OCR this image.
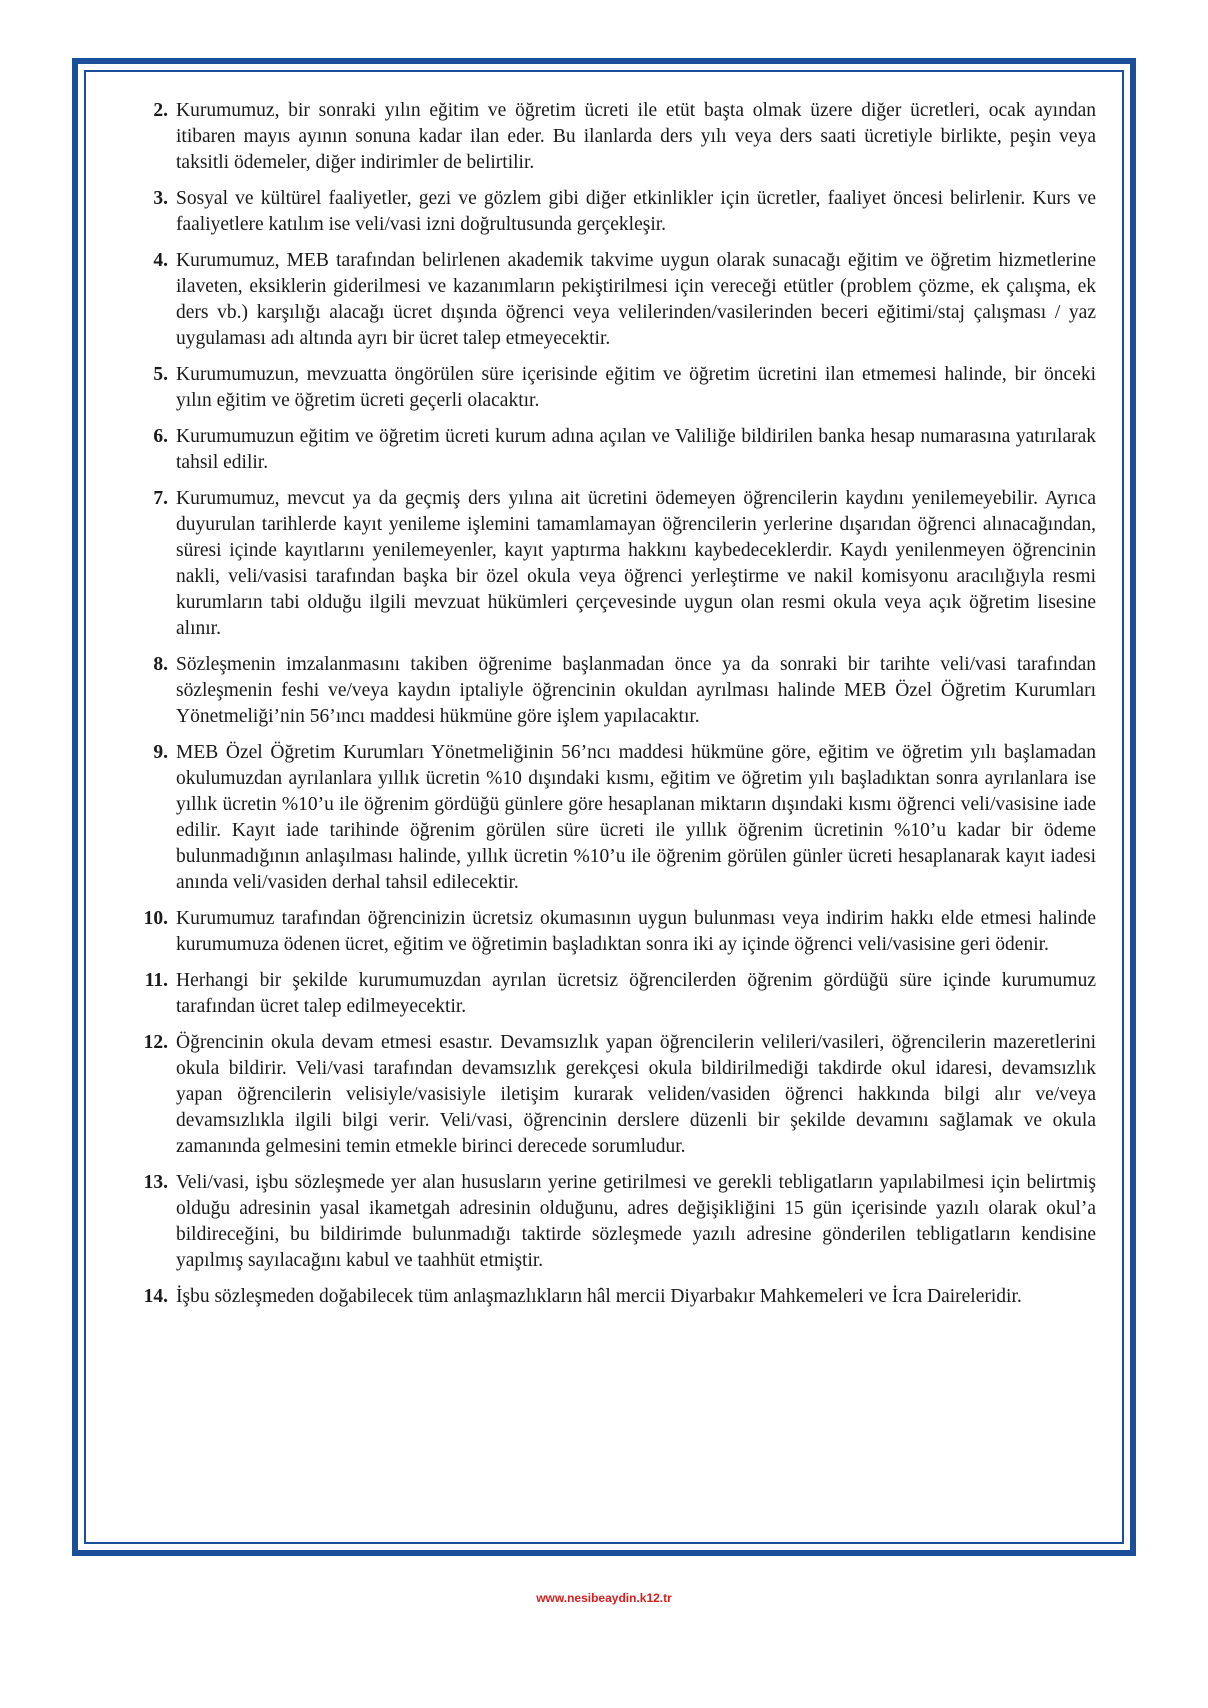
2. Kurumumuz, bir sonraki yılın eğitim ve öğretim ücreti ile etüt başta olmak üzere diğer ücretleri, ocak ayından itibaren mayıs ayının sonuna kadar ilan eder. Bu ilanlarda ders yılı veya ders saati ücretiyle birlikte, peşin veya taksitli ödemeler, diğer indirimler de belirtilir.
3. Sosyal ve kültürel faaliyetler, gezi ve gözlem gibi diğer etkinlikler için ücretler, faaliyet öncesi belirlenir. Kurs ve faaliyetlere katılım ise veli/vasi izni doğrultusunda gerçekleşir.
4. Kurumumuz, MEB tarafından belirlenen akademik takvime uygun olarak sunacağı eğitim ve öğretim hizmetlerine ilaveten, eksiklerin giderilmesi ve kazanımların pekiştirilmesi için vereceği etütler (problem çözme, ek çalışma, ek ders vb.) karşılığı alacağı ücret dışında öğrenci veya velilerinden/vasilerinden beceri eğitimi/staj çalışması / yaz uygulaması adı altında ayrı bir ücret talep etmeyecektir.
5. Kurumumuzun, mevzuatta öngörülen süre içerisinde eğitim ve öğretim ücretini ilan etmemesi halinde, bir önceki yılın eğitim ve öğretim ücreti geçerli olacaktır.
6. Kurumumuzun eğitim ve öğretim ücreti kurum adına açılan ve Valiliğe bildirilen banka hesap numarasına yatırılarak tahsil edilir.
7. Kurumumuz, mevcut ya da geçmiş ders yılına ait ücretini ödemeyen öğrencilerin kaydını yenilemeyebilir. Ayrıca duyurulan tarihlerde kayıt yenileme işlemini tamamlamayan öğrencilerin yerlerine dışarıdan öğrenci alınacağından, süresi içinde kayıtlarını yenilemeyenler, kayıt yaptırma hakkını kaybedeceklerdir. Kaydı yenilenmeyen öğrencinin nakli, veli/vasisi tarafından başka bir özel okula veya öğrenci yerleştirme ve nakil komisyonu aracılığıyla resmi kurumların tabi olduğu ilgili mevzuat hükümleri çerçevesinde uygun olan resmi okula veya açık öğretim lisesine alınır.
8. Sözleşmenin imzalanmasını takiben öğrenime başlanmadan önce ya da sonraki bir tarihte veli/vasi tarafından sözleşmenin feshi ve/veya kaydın iptaliyle öğrencinin okuldan ayrılması halinde MEB Özel Öğretim Kurumları Yönetmeliği’nin 56’ıncı maddesi hükmüne göre işlem yapılacaktır.
9. MEB Özel Öğretim Kurumları Yönetmeliğinin 56’ncı maddesi hükmüne göre, eğitim ve öğretim yılı başlamadan okulumuzdan ayrılanlara yıllık ücretin %10 dışındaki kısmı, eğitim ve öğretim yılı başladıktan sonra ayrılanlara ise yıllık ücretin %10’u ile öğrenim gördüğü günlere göre hesaplanan miktarın dışındaki kısmı öğrenci veli/vasisine iade edilir. Kayıt iade tarihinde öğrenim görülen süre ücreti ile yıllık öğrenim ücretinin %10’u kadar bir ödeme bulunmadığının anlaşılması halinde, yıllık ücretin %10’u ile öğrenim görülen günler ücreti hesaplanarak kayıt iadesi anında veli/vasiden derhal tahsil edilecektir.
10. Kurumumuz tarafından öğrencinizin ücretsiz okumasının uygun bulunması veya indirim hakkı elde etmesi halinde kurumumuza ödenen ücret, eğitim ve öğretimin başladıktan sonra iki ay içinde öğrenci veli/vasisine geri ödenir.
11. Herhangi bir şekilde kurumumuzdan ayrılan ücretsiz öğrencilerden öğrenim gördüğü süre içinde kurumumuz tarafından ücret talep edilmeyecektir.
12. Öğrencinin okula devam etmesi esastır. Devamsızlık yapan öğrencilerin velileri/vasileri, öğrencilerin mazeretlerini okula bildirir. Veli/vasi tarafından devamsızlık gerekçesi okula bildirilmediği takdirde okul idaresi, devamsızlık yapan öğrencilerin velisiyle/vasisiyle iletişim kurarak veliden/vasiden öğrenci hakkında bilgi alır ve/veya devamsızlıkla ilgili bilgi verir. Veli/vasi, öğrencinin derslere düzenli bir şekilde devamını sağlamak ve okula zamanında gelmesini temin etmekle birinci derecede sorumludur.
13. Veli/vasi, işbu sözleşmede yer alan hususların yerine getirilmesi ve gerekli tebligatların yapılabilmesi için belirtmiş olduğu adresinin yasal ikametgah adresinin olduğunu, adres değişikliğini 15 gün içerisinde yazılı olarak okul’a bildireceğini, bu bildirimde bulunmadığı taktirde sözleşmede yazılı adresine gönderilen tebligatların kendisine yapılmış sayılacağını kabul ve taahhüt etmiştir.
14. İşbu sözleşmeden doğabilecek tüm anlaşmazlıkların hâl mercii Diyarbakır Mahkemeleri ve İcra Daireleridir.
www.nesibeaydin.k12.tr
